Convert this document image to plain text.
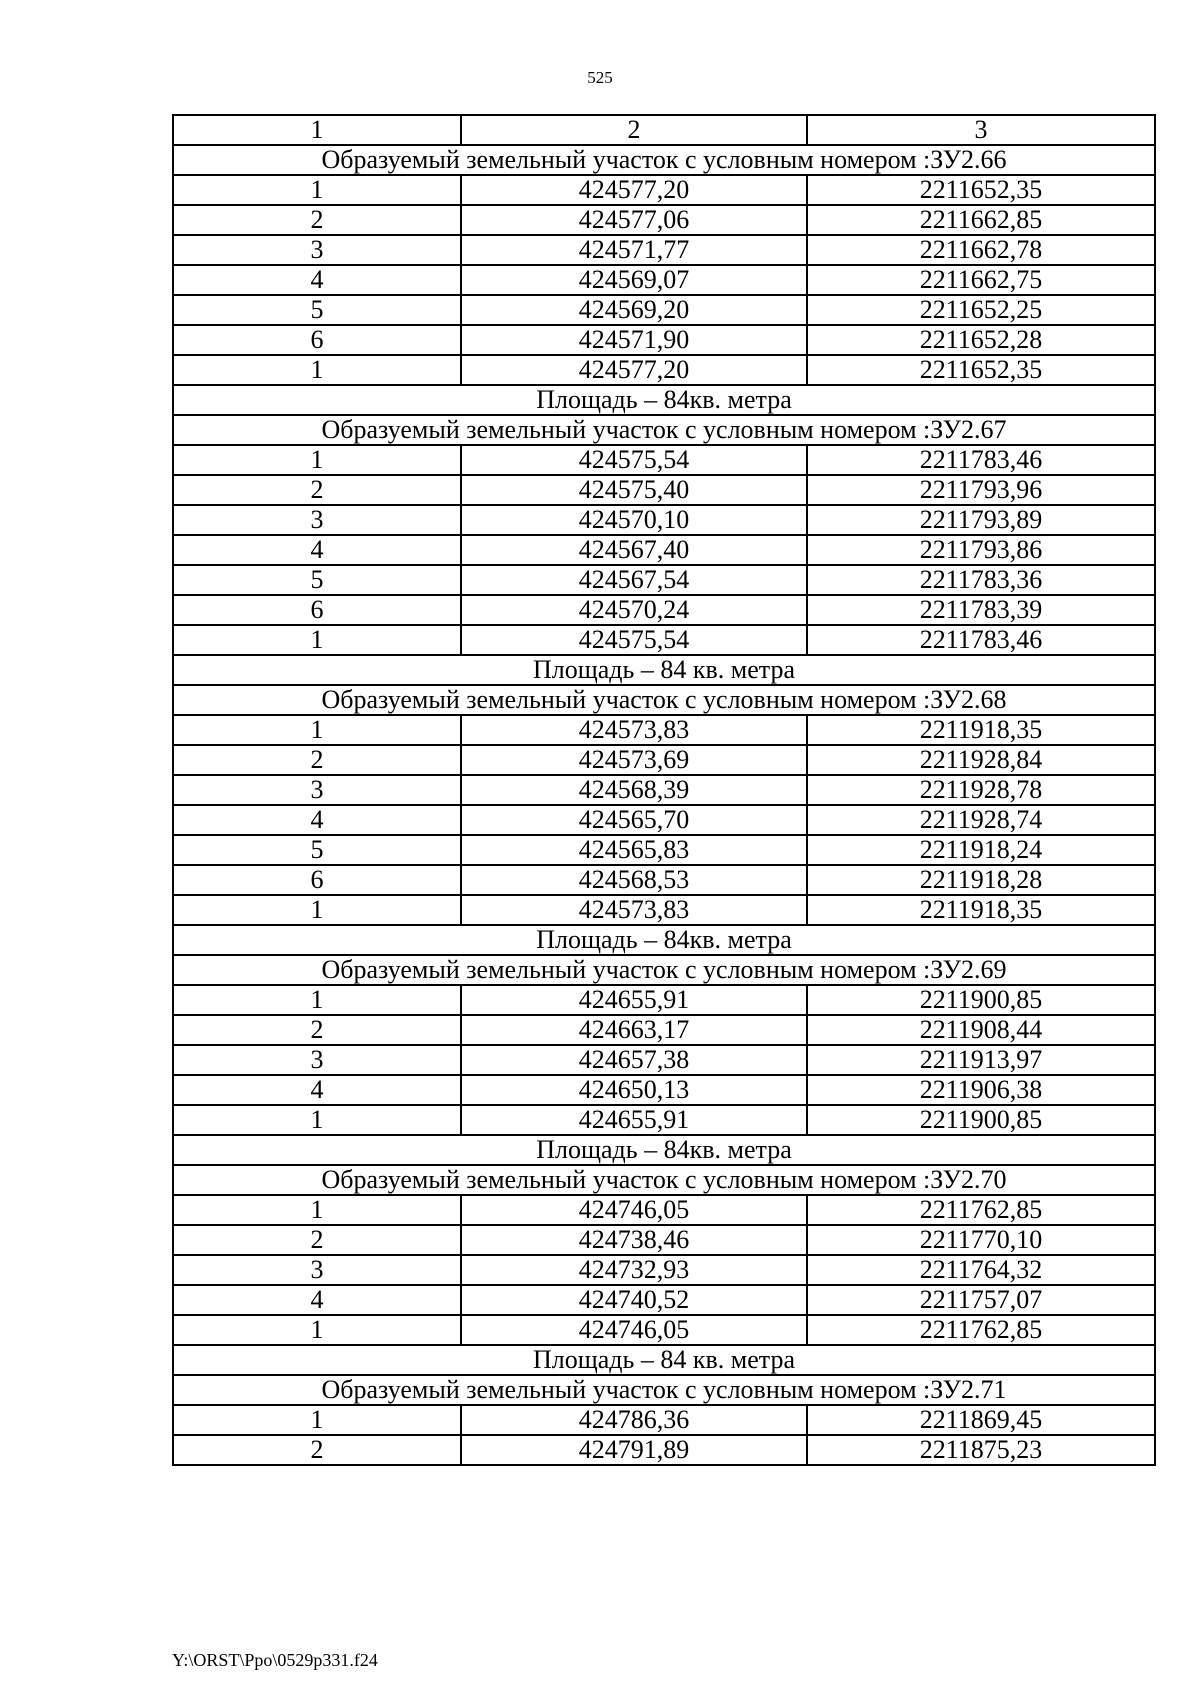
525
1	2	3
Образуемый земельный участок с условным номером :ЗУ2.66		
1	424577,20	2211652,35
2	424577,06	2211662,85
3	424571,77	2211662,78
4	424569,07	2211662,75
5	424569,20	2211652,25
6	424571,90	2211652,28
1	424577,20	2211652,35
Площадь – 84кв. метра		
Образуемый земельный участок с условным номером :ЗУ2.67		
1	424575,54	2211783,46
2	424575,40	2211793,96
3	424570,10	2211793,89
4	424567,40	2211793,86
5	424567,54	2211783,36
6	424570,24	2211783,39
1	424575,54	2211783,46
Площадь – 84 кв. метра		
Образуемый земельный участок с условным номером :ЗУ2.68		
1	424573,83	2211918,35
2	424573,69	2211928,84
3	424568,39	2211928,78
4	424565,70	2211928,74
5	424565,83	2211918,24
6	424568,53	2211918,28
1	424573,83	2211918,35
Площадь – 84кв. метра		
Образуемый земельный участок с условным номером :ЗУ2.69		
1	424655,91	2211900,85
2	424663,17	2211908,44
3	424657,38	2211913,97
4	424650,13	2211906,38
1	424655,91	2211900,85
Площадь – 84кв. метра		
Образуемый земельный участок с условным номером :ЗУ2.70		
1	424746,05	2211762,85
2	424738,46	2211770,10
3	424732,93	2211764,32
4	424740,52	2211757,07
1	424746,05	2211762,85
Площадь – 84 кв. метра		
Образуемый земельный участок с условным номером :ЗУ2.71		
1	424786,36	2211869,45
2	424791,89	2211875,23
Y:\ORST\Ppo\0529p331.f24
